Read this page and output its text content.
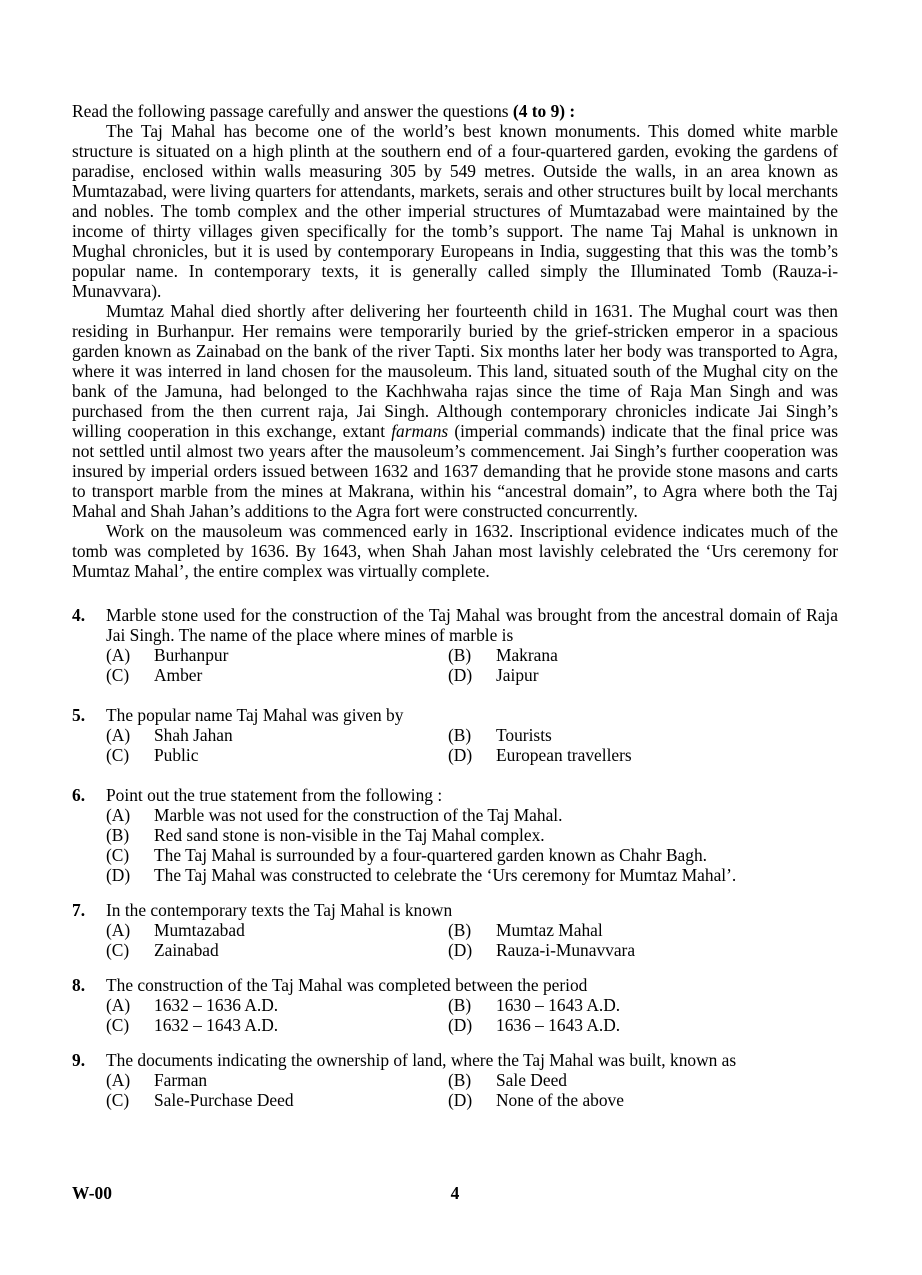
Read the following passage carefully and answer the questions (4 to 9) :

The Taj Mahal has become one of the world’s best known monuments. This domed white marble structure is situated on a high plinth at the southern end of a four-quartered garden, evoking the gardens of paradise, enclosed within walls measuring 305 by 549 metres. Outside the walls, in an area known as Mumtazabad, were living quarters for attendants, markets, serais and other structures built by local merchants and nobles. The tomb complex and the other imperial structures of Mumtazabad were maintained by the income of thirty villages given specifically for the tomb’s support. The name Taj Mahal is unknown in Mughal chronicles, but it is used by contemporary Europeans in India, suggesting that this was the tomb’s popular name. In contemporary texts, it is generally called simply the Illuminated Tomb (Rauza-i-Munavvara).

Mumtaz Mahal died shortly after delivering her fourteenth child in 1631. The Mughal court was then residing in Burhanpur. Her remains were temporarily buried by the grief-stricken emperor in a spacious garden known as Zainabad on the bank of the river Tapti. Six months later her body was transported to Agra, where it was interred in land chosen for the mausoleum. This land, situated south of the Mughal city on the bank of the Jamuna, had belonged to the Kachhwaha rajas since the time of Raja Man Singh and was purchased from the then current raja, Jai Singh. Although contemporary chronicles indicate Jai Singh’s willing cooperation in this exchange, extant farmans (imperial commands) indicate that the final price was not settled until almost two years after the mausoleum’s commencement. Jai Singh’s further cooperation was insured by imperial orders issued between 1632 and 1637 demanding that he provide stone masons and carts to transport marble from the mines at Makrana, within his “ancestral domain”, to Agra where both the Taj Mahal and Shah Jahan’s additions to the Agra fort were constructed concurrently.

Work on the mausoleum was commenced early in 1632. Inscriptional evidence indicates much of the tomb was completed by 1636. By 1643, when Shah Jahan most lavishly celebrated the ‘Urs ceremony for Mumtaz Mahal’, the entire complex was virtually complete.

4.	Marble stone used for the construction of the Taj Mahal was brought from the ancestral domain of Raja Jai Singh. The name of the place where mines of marble is
(A)	Burhanpur	(B)	Makrana
(C)	Amber	(D)	Jaipur
5.	The popular name Taj Mahal was given by
(A)	Shah Jahan	(B)	Tourists
(C)	Public	(D)	European travellers
6.	Point out the true statement from the following :
(A)	Marble was not used for the construction of the Taj Mahal.
(B)	Red sand stone is non-visible in the Taj Mahal complex.
(C)	The Taj Mahal is surrounded by a four-quartered garden known as Chahr Bagh.
(D)	The Taj Mahal was constructed to celebrate the ‘Urs ceremony for Mumtaz Mahal’.
7.	In the contemporary texts the Taj Mahal is known
(A)	Mumtazabad	(B)	Mumtaz Mahal
(C)	Zainabad	(D)	Rauza-i-Munavvara
8.	The construction of the Taj Mahal was completed between the period
(A)	1632 – 1636 A.D.	(B)	1630 – 1643 A.D.
(C)	1632 – 1643 A.D.	(D)	1636 – 1643 A.D.
9.	The documents indicating the ownership of land, where the Taj Mahal was built, known as
(A)	Farman	(B)	Sale Deed
(C)	Sale-Purchase Deed	(D)	None of the above
W-00	4
